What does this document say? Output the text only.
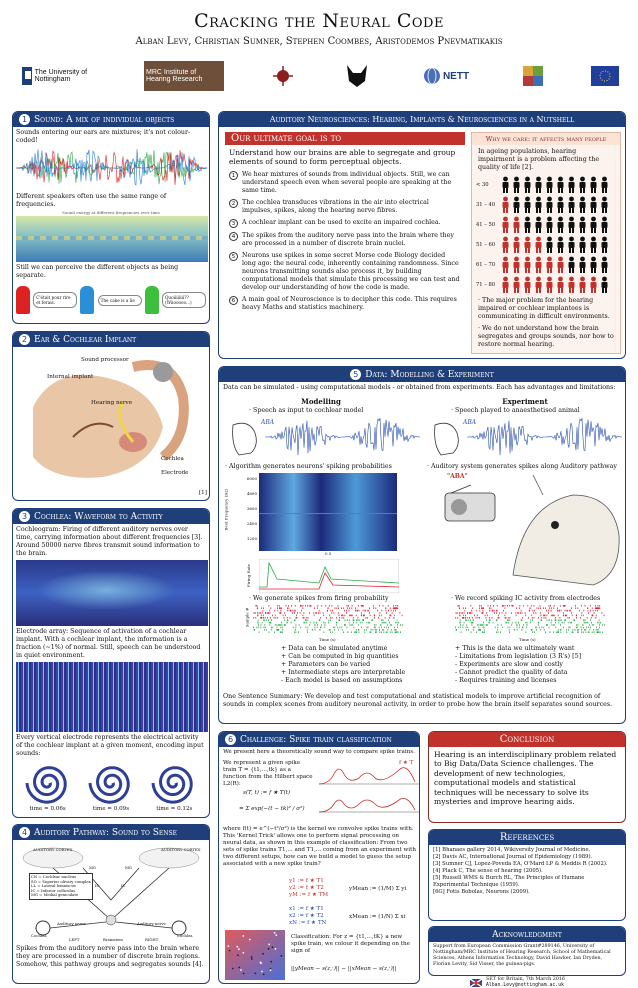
Cracking the Neural Code
Alban Levy, Christian Sumner, Stephen Coombes, Aristodemos Pnevmatikakis
The University of Nottingham
MRC Institute of Hearing Research	NETT
1 Sound: A mix of individual objects
Sounds entering our ears are mixtures; it's not colour-coded!
Different speakers often use the same range of frequencies.
Sound energy at different frequencies over time
Still we can perceive the different objects as being separate.
C'était pour rire et ferais.	The cake is a lie	Quoiiiiiiii?? (Wiiooooo...)
2 Ear & Cochlear Implant
Sound processor
Internal implant
Hearing nerve
Cochlea
Electrode
[1]
3 Cochlea: Waveform to Activity
Cochleogram: Firing of different auditory nerves over time, carrying information about different frequencies [3]. Around 50000 nerve fibres transmit sound information to the brain.
Electrode array: Sequence of activation of a cochlear implant. With a cochlear implant, the information is a fraction (~1%) of normal. Still, speech can be understood in quiet environment.
Every vertical electrode represents the electrical activity of the cochlear implant at a given moment, encoding input sounds:
time = 0.06s	time = 0.09s	time = 0.12s
4 Auditory Pathway: Sound to Sense
CN = Cochlear nucleus
SO = Superior olivary complex
LL = Lateral lemniscus
IC = Inferior colliculus
MG = Medial geniculate
AUDITORY CORTEX	AUDITORY CORTEX
Auditory nerve	Auditory nerve
Cochlea	Cochlea
LEFT	RIGHT
Brainstem
MG	MG
IC	IC
Spikes from the auditory nerve pass into the brain where they are processed in a number of discrete brain regions. Somehow, this pathway groups and segregates sounds [4].
Auditory Neurosciences: Hearing, Implants & Neurosciences in a Nutshell
Our ultimate goal is to
Understand how our brains are able to segregate and group elements of sound to form perceptual objects.
1	We hear mixtures of sounds from individual objects. Still, we can understand speech even when several people are speaking at the same time.
2	The cochlea transduces vibrations in the air into electrical impulses, spikes, along the hearing nerve fibres.
3	A cochlear implant can be used to excite an impaired cochlea.
4	The spikes from the auditory nerve pass into the brain where they are processed in a number of discrete brain nuclei.
5	Neurons use spikes in some secret Morse code Biology decided long ago: the neural code, inherently containing randomness. Since neurons transmitting sounds also process it, by building computational models that simulate this processing we can test and develop our understanding of how the code is made.
6	A main goal of Neuroscience is to decipher this code. This requires heavy Maths and statistics machinery.
Why we care: it affects many people
In ageing populations, hearing impairment is a problem affecting the quality of life [2].
< 30
31 – 40
41 – 50
51 – 60
61 – 70
71 – 80
· The major problem for the hearing impaired or cochlear implantees is communicating in difficult environments.
· We do not understand how the brain segregates and groups sounds, nor how to restore normal hearing.
5 Data: Modelling & Experiment
Data can be simulated - using computational models - or obtained from experiments. Each has advantages and limitations:
Modelling	Experiment
· Speech as input to cochlear model	· Speech played to anaesthetised animal
ABA	ABA
· Algorithm generates neurons' spiking probabilities	· Auditory system generates spikes along Auditory pathway
Best Frequency (Hz)
6000
4800
3600
2400
1200
0.5
Firing Rate
· We generate spikes from firing probability	· We record spiking IC activity from electrodes
Sample #
Time (s)	Time (s)
"ABA"
+ Data can be simulated anytime
+ Can be computed in big quantities
+ Parameters can be varied
+ Intermediate steps are interpretable
- Each model is based on assumptions
+ This is the data we ultimately want
- Limitations from legislation (3 R's) [5]
- Experiments are slow and costly
- Cannot predict the quality of data
- Requires training and licenses
One Sentence Summary: We develop and test computational and statistical models to improve artificial recognition of sounds in complex scenes from auditory neuronal activity, in order to probe how the brain itself separates sound sources.
6 Challenge: Spike train classification
We present here a theoretically sound way to compare spike trains.
We represent a given spike train T = {t1,...,tk} as a function from the Hilbert space L2(R):
s(T, t) := f ★ T(t)
= Σ exp(−(t − tk)² / σ²)
f ★ T
where f(t) = e^(−t²/σ²) is the kernel we convolve spike trains with. This 'Kernel Trick' allows one to perform signal processing on neural data, as shown in this example of classification: From two sets of spike trains T1,... and T1,... coming from an experiment with two different setups, how can we build a model to guess the setup associated with a new spike train?
y1 := f ★ T1
y2 := f ★ T2
yM := f ★ TM
yMean := (1/M) Σ yi
x1 := f ★ T1
x2 := f ★ T2
xN := f ★ TN
xMean := (1/N) Σ xi
Classification: For z = {t1,...,tK} a new spike train, we colour it depending on the sign of
||yMean − s(z,·)|| − ||xMean − s(z,·)||
Conclusion
Hearing is an interdisciplinary problem related to Big Data/Data Science challenges. The development of new technologies, computational models and statistical techniques will be necessary to solve its mysteries and improve hearing aids.
References
[1] Bhanaes gallery 2014, Wikiversity Journal of Medicine.
[2] Davis AC, International Journal of Epidemiology (1989).
[3] Sumner CJ, Lopez-Poveda EA, O'Mard LP & Meddis R (2002).
[4] Plack C, The sense of hearing (2005).
[5] Russell WMS & Burch RL, The Principles of Humane Experimental Technique (1959).
[6G] Fotis Bobolas, Neurons (2009).
Acknowledgment
Support from European Commission Grant#289146, University of Nottingham/MRC Institute of Hearing Research, School of Mathematical Sciences, Athens Information Technology, David Hawker, Ian Dryden, Florian Levity, Sid Visser, the guinea-pigs.
SET for Britain, 7th March 2016
Alban.Levy@nottingham.ac.uk
